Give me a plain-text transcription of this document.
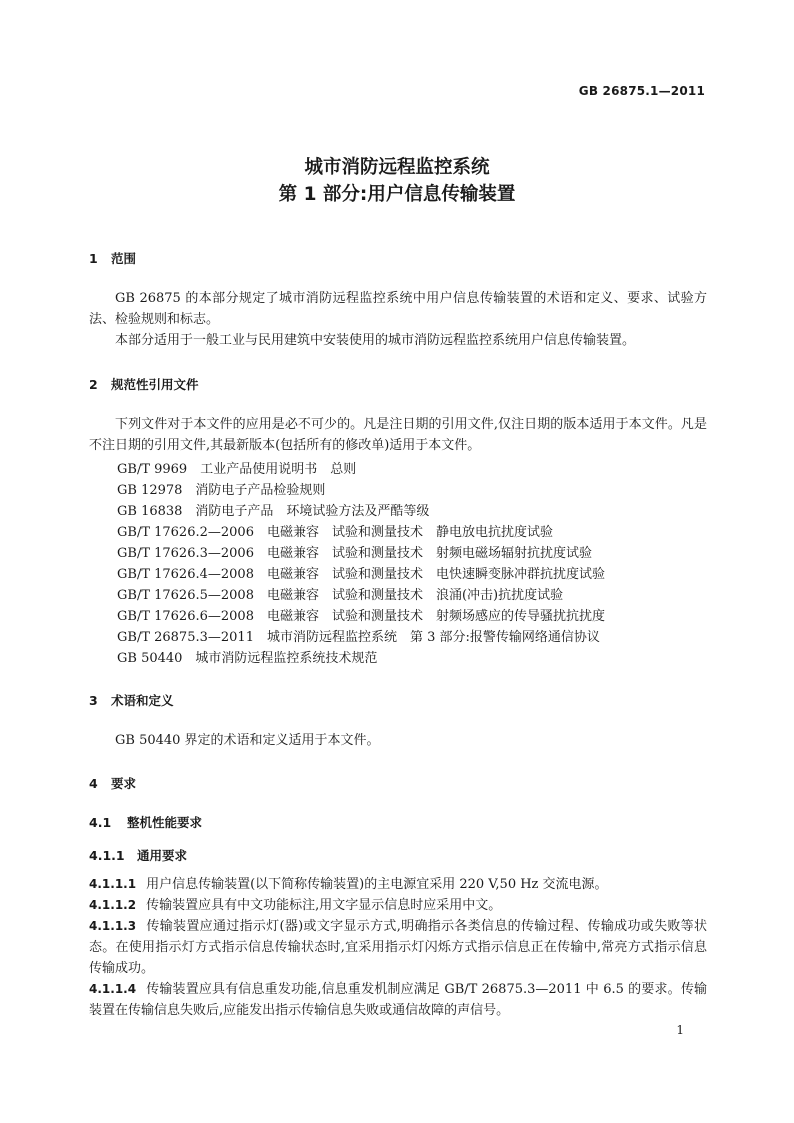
GB 26875.1—2011
城市消防远程监控系统
第 1 部分:用户信息传输装置
1 范围
GB 26875 的本部分规定了城市消防远程监控系统中用户信息传输装置的术语和定义、要求、试验方法、检验规则和标志。
本部分适用于一般工业与民用建筑中安装使用的城市消防远程监控系统用户信息传输装置。
2 规范性引用文件
下列文件对于本文件的应用是必不可少的。凡是注日期的引用文件,仅注日期的版本适用于本文件。凡是不注日期的引用文件,其最新版本(包括所有的修改单)适用于本文件。
GB/T 9969　工业产品使用说明书　总则
GB 12978　消防电子产品检验规则
GB 16838　消防电子产品　环境试验方法及严酷等级
GB/T 17626.2—2006　电磁兼容　试验和测量技术　静电放电抗扰度试验
GB/T 17626.3—2006　电磁兼容　试验和测量技术　射频电磁场辐射抗扰度试验
GB/T 17626.4—2008　电磁兼容　试验和测量技术　电快速瞬变脉冲群抗扰度试验
GB/T 17626.5—2008　电磁兼容　试验和测量技术　浪涌(冲击)抗扰度试验
GB/T 17626.6—2008　电磁兼容　试验和测量技术　射频场感应的传导骚扰抗扰度
GB/T 26875.3—2011　城市消防远程监控系统　第 3 部分:报警传输网络通信协议
GB 50440　城市消防远程监控系统技术规范
3 术语和定义
GB 50440 界定的术语和定义适用于本文件。
4 要求
4.1 整机性能要求
4.1.1 通用要求
4.1.1.1 用户信息传输装置(以下简称传输装置)的主电源宜采用 220 V,50 Hz 交流电源。
4.1.1.2 传输装置应具有中文功能标注,用文字显示信息时应采用中文。
4.1.1.3 传输装置应通过指示灯(器)或文字显示方式,明确指示各类信息的传输过程、传输成功或失败等状态。在使用指示灯方式指示信息传输状态时,宜采用指示灯闪烁方式指示信息正在传输中,常亮方式指示信息传输成功。
4.1.1.4 传输装置应具有信息重发功能,信息重发机制应满足 GB/T 26875.3—2011 中 6.5 的要求。传输装置在传输信息失败后,应能发出指示传输信息失败或通信故障的声信号。
1
